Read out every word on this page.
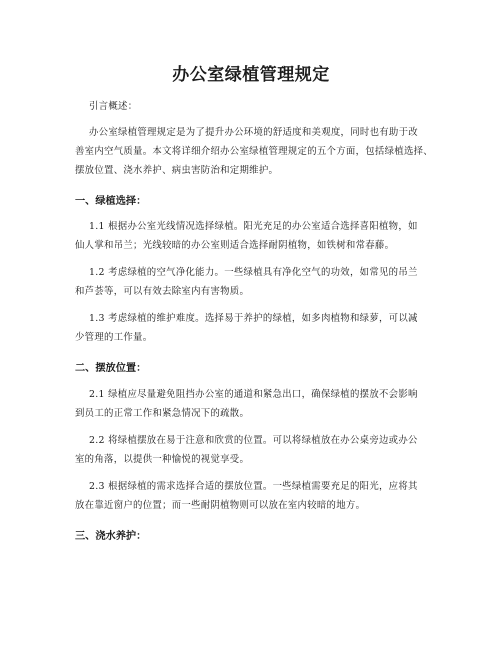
办公室绿植管理规定

引言概述：

办公室绿植管理规定是为了提升办公环境的舒适度和美观度，同时也有助于改

善室内空气质量。本文将详细介绍办公室绿植管理规定的五个方面，包括绿植选择、

摆放位置、浇水养护、病虫害防治和定期维护。

一、绿植选择：

1.1 根据办公室光线情况选择绿植。阳光充足的办公室适合选择喜阳植物，如

仙人掌和吊兰；光线较暗的办公室则适合选择耐阴植物，如铁树和常春藤。

1.2 考虑绿植的空气净化能力。一些绿植具有净化空气的功效，如常见的吊兰

和芦荟等，可以有效去除室内有害物质。

1.3 考虑绿植的维护难度。选择易于养护的绿植，如多肉植物和绿萝，可以减

少管理的工作量。

二、摆放位置：

2.1 绿植应尽量避免阻挡办公室的通道和紧急出口，确保绿植的摆放不会影响

到员工的正常工作和紧急情况下的疏散。

2.2 将绿植摆放在易于注意和欣赏的位置。可以将绿植放在办公桌旁边或办公

室的角落，以提供一种愉悦的视觉享受。

2.3 根据绿植的需求选择合适的摆放位置。一些绿植需要充足的阳光，应将其

放在靠近窗户的位置；而一些耐阴植物则可以放在室内较暗的地方。

三、浇水养护：
